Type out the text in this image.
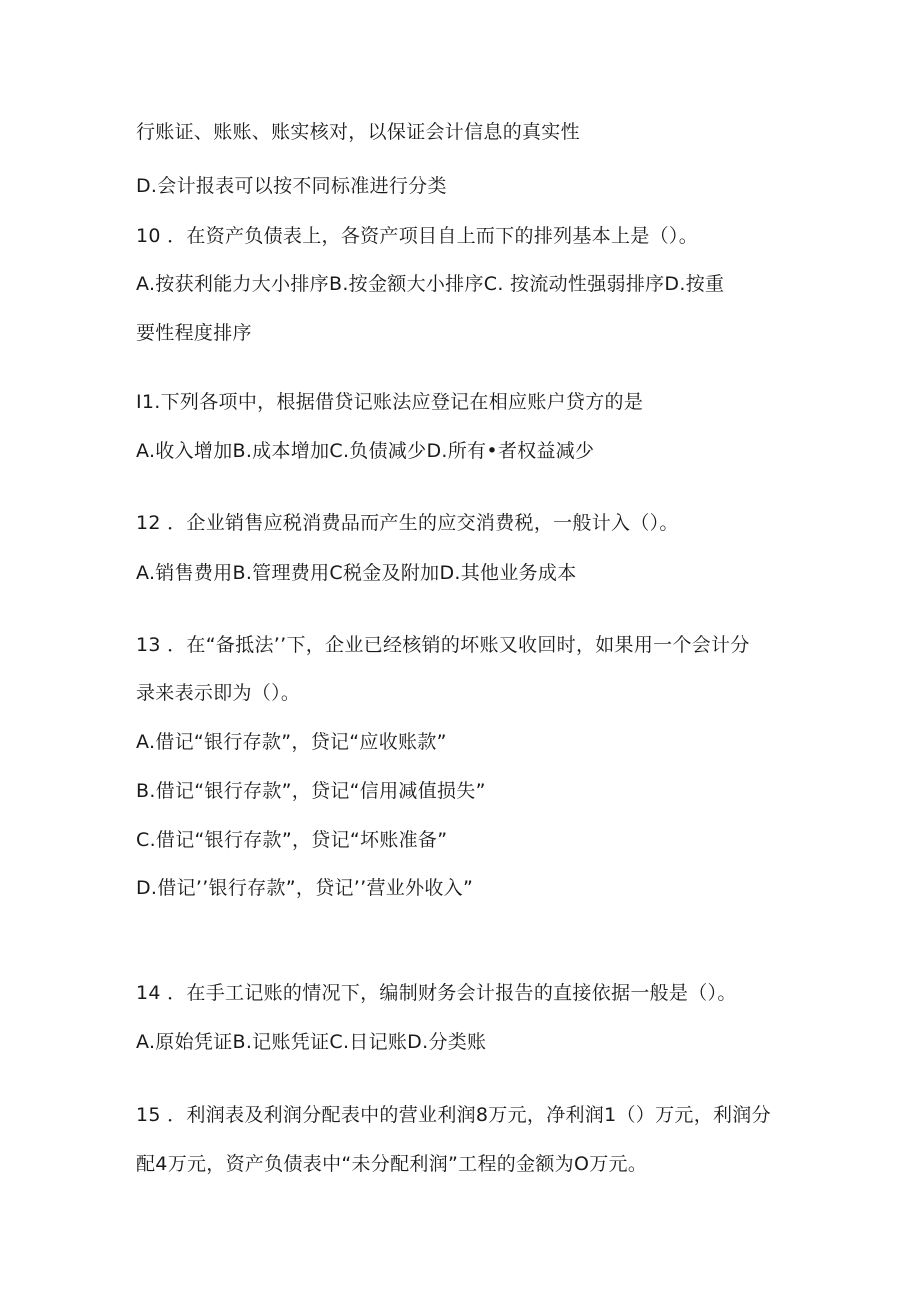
行账证、账账、账实核对，以保证会计信息的真实性
D.会计报表可以按不同标准进行分类
10 ．在资产负债表上，各资产项目自上而下的排列基本上是（）。
A.按获利能力大小排序B.按金额大小排序C. 按流动性强弱排序D.按重
要性程度排序
I1.下列各项中，根据借贷记账法应登记在相应账户贷方的是
A.收入增加B.成本增加C.负债减少D.所有•者权益减少
12 ．企业销售应税消费品而产生的应交消费税，一般计入（）。
A.销售费用B.管理费用C税金及附加D.其他业务成本
13 ．在“备抵法’’下，企业已经核销的坏账又收回时，如果用一个会计分
录来表示即为（）。
A.借记“银行存款”，贷记“应收账款”
B.借记“银行存款”，贷记“信用减值损失”
C.借记“银行存款”，贷记“坏账准备”
D.借记’’银行存款”，贷记’’营业外收入”
14 ．在手工记账的情况下，编制财务会计报告的直接依据一般是（）。
A.原始凭证B.记账凭证C.日记账D.分类账
15 ．利润表及利润分配表中的营业利润8万元，净利润1（）万元，利润分
配4万元，资产负债表中“未分配利润”工程的金额为O万元。
